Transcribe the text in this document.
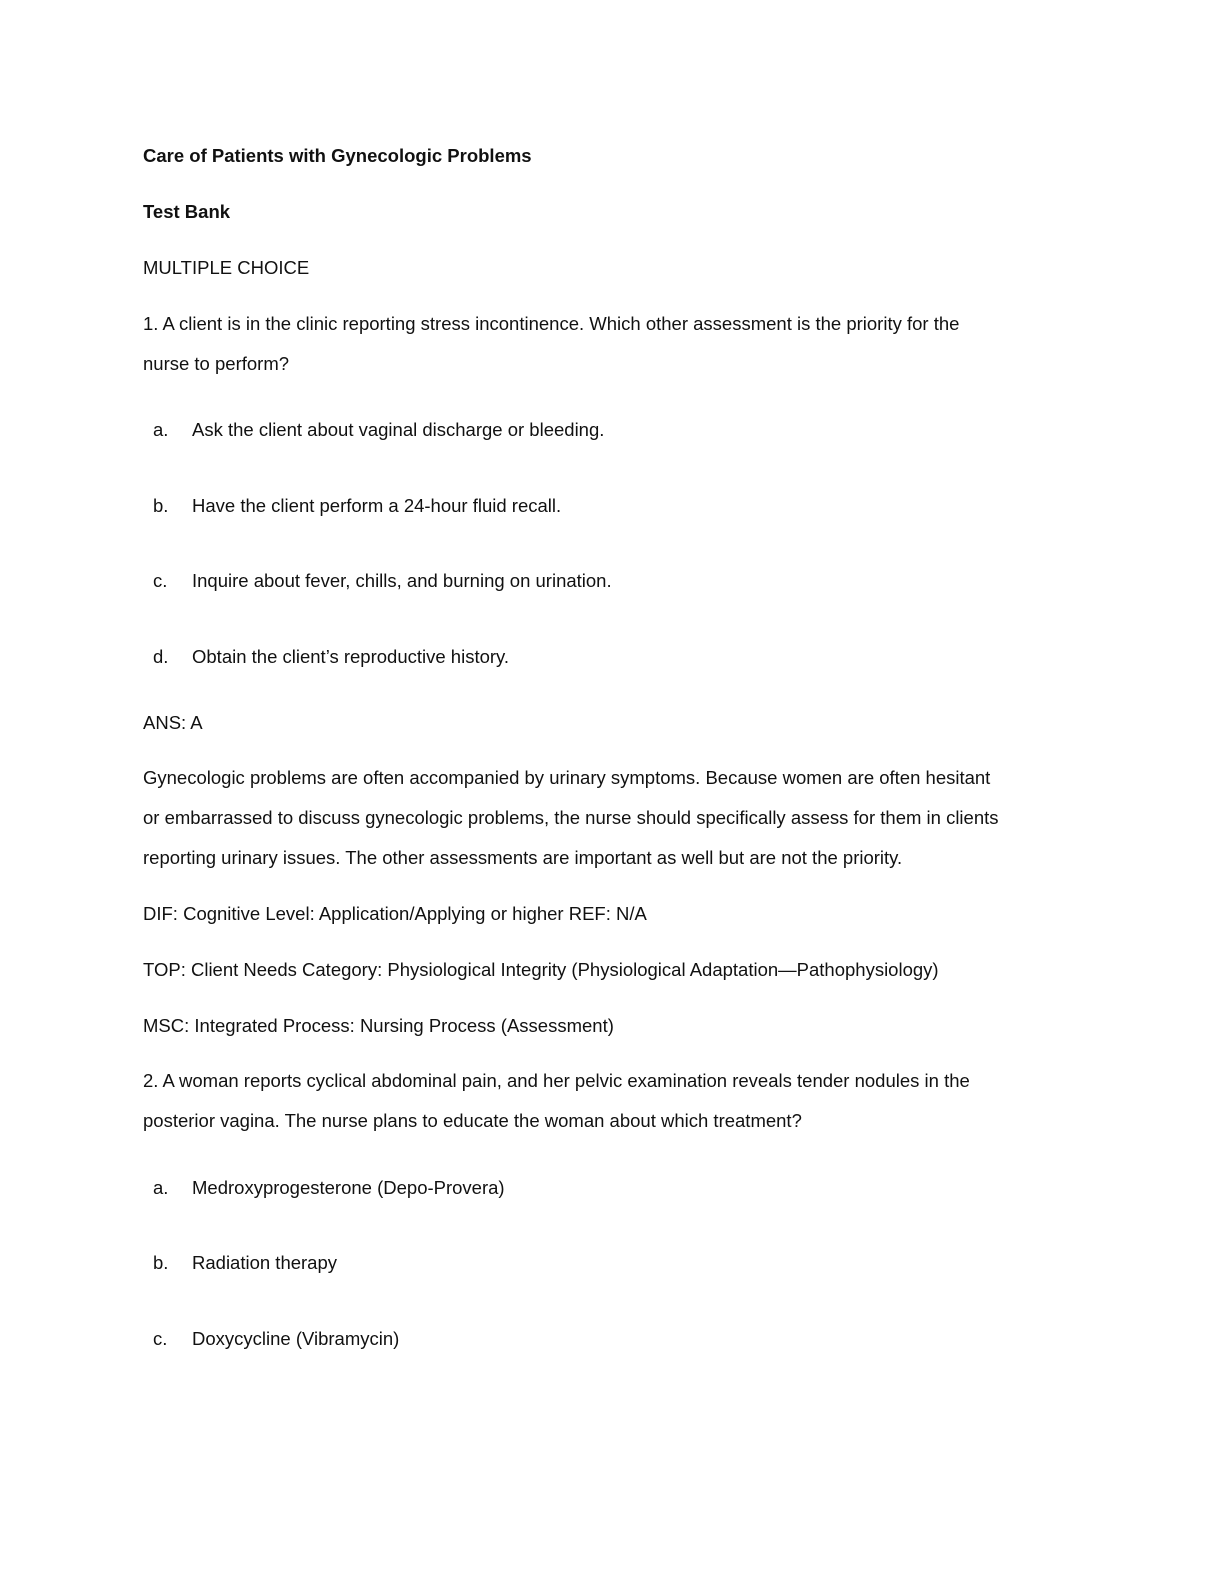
Care of Patients with Gynecologic Problems
Test Bank
MULTIPLE CHOICE
1. A client is in the clinic reporting stress incontinence. Which other assessment is the priority for the
nurse to perform?
a. Ask the client about vaginal discharge or bleeding.
b. Have the client perform a 24-hour fluid recall.
c. Inquire about fever, chills, and burning on urination.
d. Obtain the client’s reproductive history.
ANS: A
Gynecologic problems are often accompanied by urinary symptoms. Because women are often hesitant
or embarrassed to discuss gynecologic problems, the nurse should specifically assess for them in clients
reporting urinary issues. The other assessments are important as well but are not the priority.
DIF: Cognitive Level: Application/Applying or higher REF: N/A
TOP: Client Needs Category: Physiological Integrity (Physiological Adaptation—Pathophysiology)
MSC: Integrated Process: Nursing Process (Assessment)
2. A woman reports cyclical abdominal pain, and her pelvic examination reveals tender nodules in the
posterior vagina. The nurse plans to educate the woman about which treatment?
a. Medroxyprogesterone (Depo-Provera)
b. Radiation therapy
c. Doxycycline (Vibramycin)
